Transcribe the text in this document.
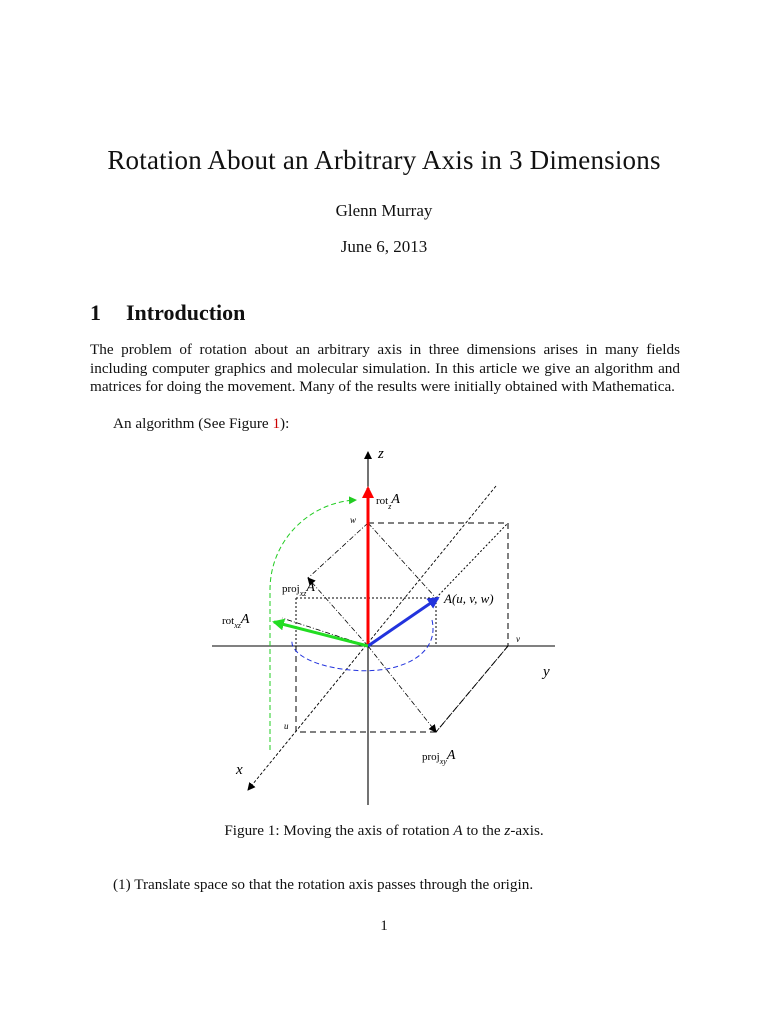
Rotation About an Arbitrary Axis in 3 Dimensions
Glenn Murray
June 6, 2013
1 Introduction
The problem of rotation about an arbitrary axis in three dimensions arises in many fields including computer graphics and molecular simulation. In this article we give an algorithm and matrices for doing the movement. Many of the results were initially obtained with Mathematica.
An algorithm (See Figure 1):
z
y
x
w
v
u
rot$_z$A
A(u, v, w)
proj$_{xz}$A
rot$_{xz}$A
proj$_{xy}$A
Figure 1: Moving the axis of rotation A to the z-axis.
(1) Translate space so that the rotation axis passes through the origin.
1
